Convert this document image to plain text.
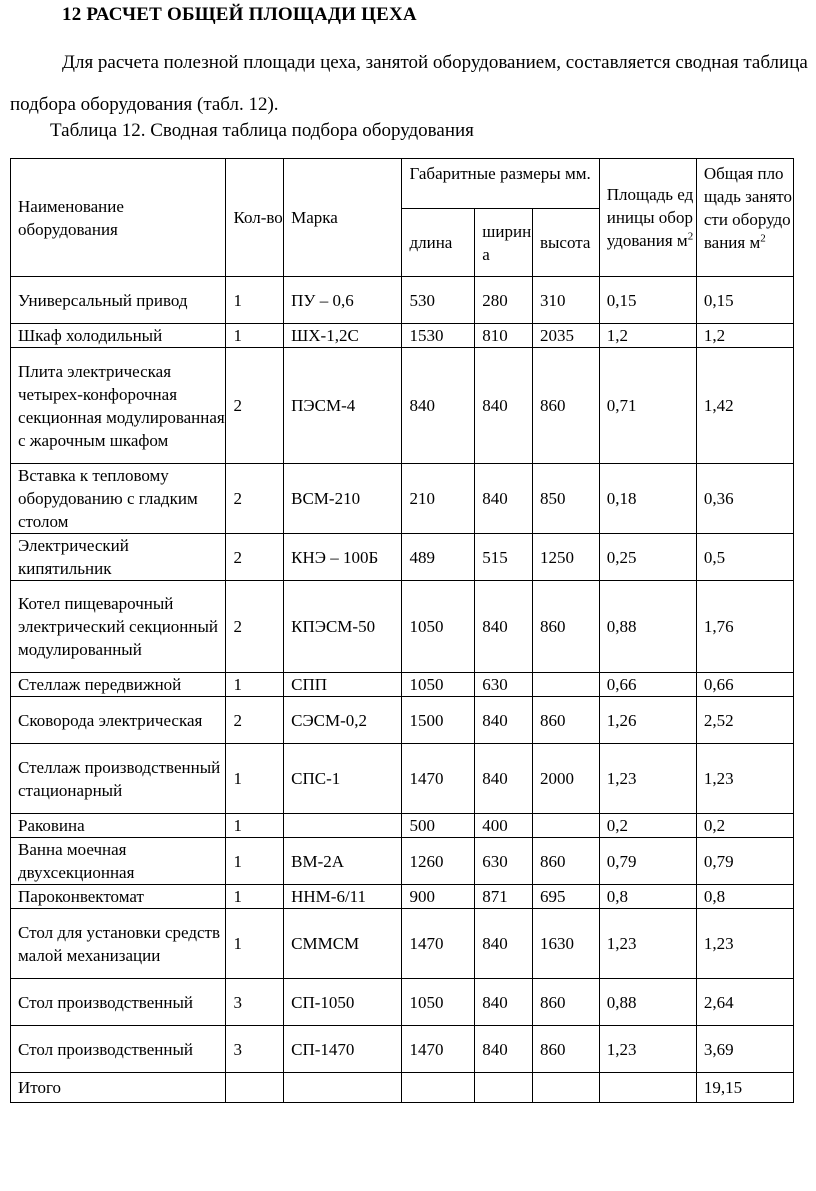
12 РАСЧЕТ ОБЩЕЙ ПЛОЩАДИ ЦЕХА

Для расчета полезной площади цеха, занятой оборудованием, составляется сводная таблица подбора оборудования (табл. 12).

Таблица 12. Сводная таблица подбора оборудования

Наименование оборудования	Кол-во	Марка	Габаритные размеры мм.			Площадь единицы оборудования $м^2$	Общая площадь занятости оборудования $м^2$
			длина	ширина	высота		
Универсальный привод	1	ПУ – 0,6	530	280	310	0,15	0,15
Шкаф холодильный	1	ШХ-1,2С	1530	810	2035	1,2	1,2
Плита электрическая четырех-конфорочная секционная модулированная с жарочным шкафом	2	ПЭСМ-4	840	840	860	0,71	1,42
Вставка к тепловому оборудованию с гладким столом	2	ВСМ-210	210	840	850	0,18	0,36
Электрический кипятильник	2	КНЭ – 100Б	489	515	1250	0,25	0,5
Котел пищеварочный электрический секционный модулированный	2	КПЭСМ-50	1050	840	860	0,88	1,76
Стеллаж передвижной	1	СПП	1050	630		0,66	0,66
Сковорода электрическая	2	СЭСМ-0,2	1500	840	860	1,26	2,52
Стеллаж производственный стационарный	1	СПС-1	1470	840	2000	1,23	1,23
Раковина	1		500	400		0,2	0,2
Ванна моечная двухсекционная	1	ВМ-2А	1260	630	860	0,79	0,79
Пароконвектомат	1	ННМ-6/11	900	871	695	0,8	0,8
Стол для установки средств малой механизации	1	СММСМ	1470	840	1630	1,23	1,23
Стол производственный	3	СП-1050	1050	840	860	0,88	2,64
Стол производственный	3	СП-1470	1470	840	860	1,23	3,69
Итого							19,15
